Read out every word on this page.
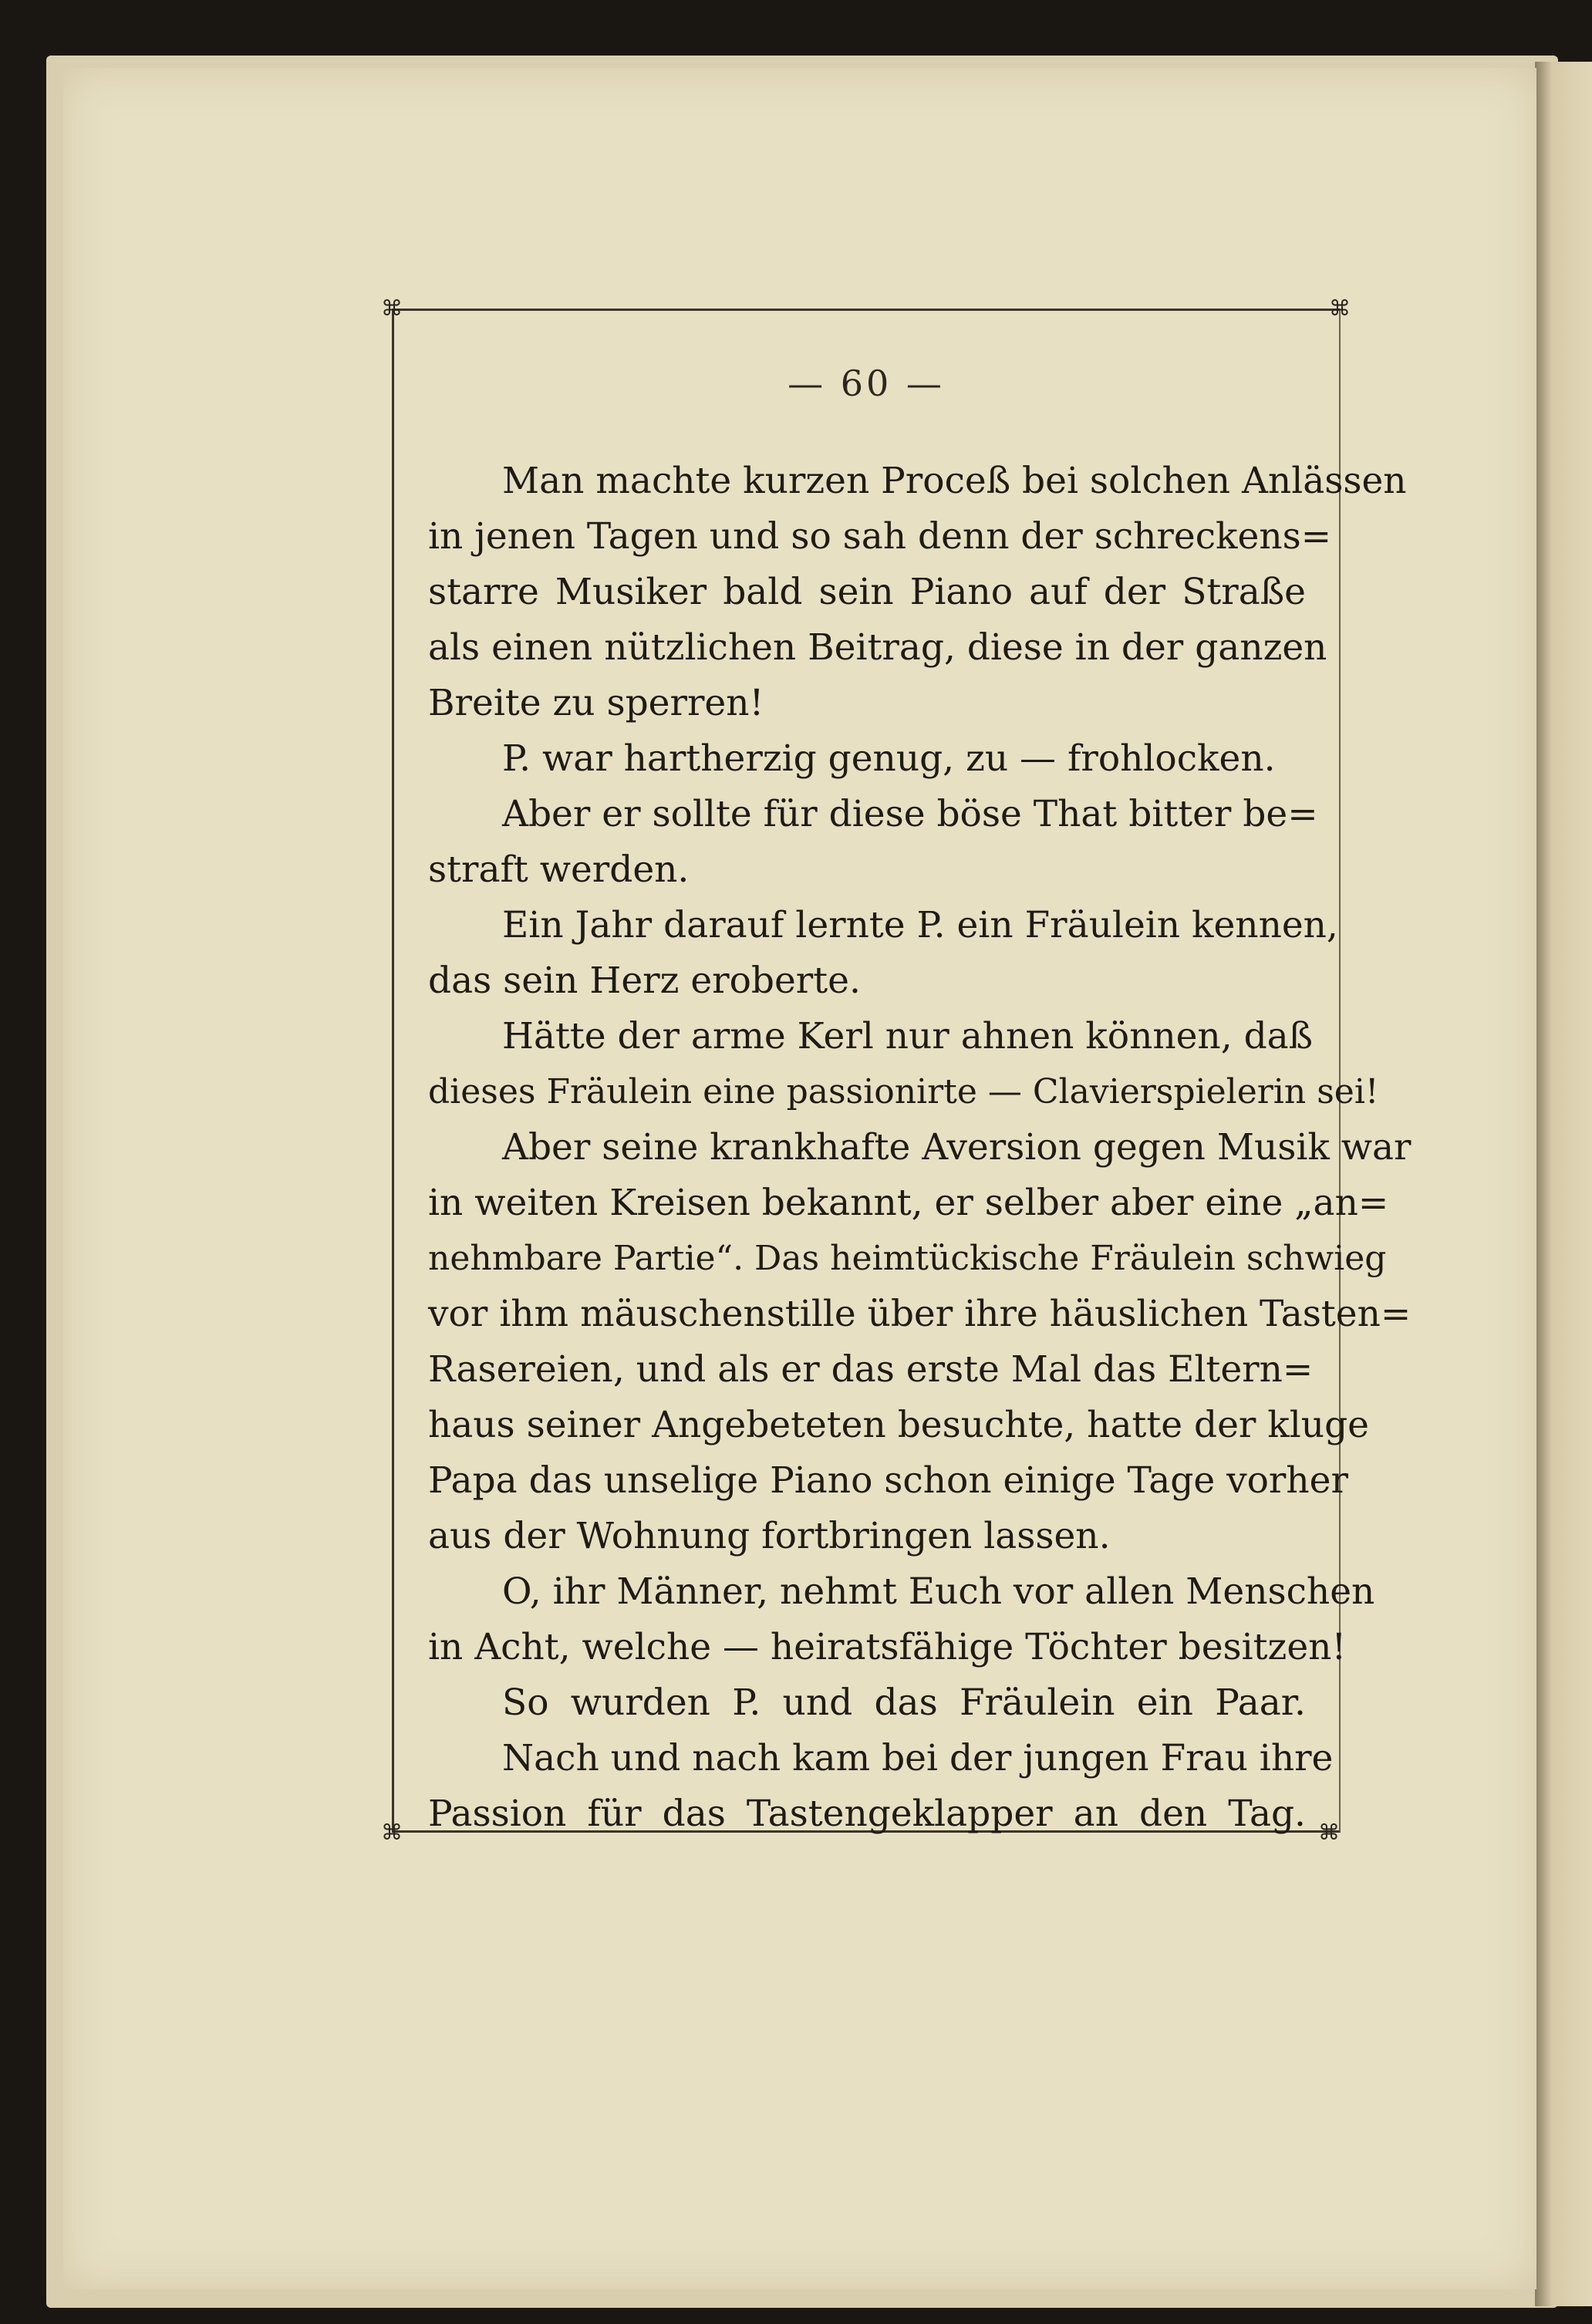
⌘	⌘
⌘	⌘
— 60 —
Man machte kurzen Proceß bei solchen Anlässen
in jenen Tagen und so sah denn der schreckens=
starre Musiker bald sein Piano auf der Straße
als einen nützlichen Beitrag, diese in der ganzen
Breite zu sperren!
P. war hartherzig genug, zu — frohlocken.
Aber er sollte für diese böse That bitter be=
straft werden.
Ein Jahr darauf lernte P. ein Fräulein kennen,
das sein Herz eroberte.
Hätte der arme Kerl nur ahnen können, daß
dieses Fräulein eine passionirte — Clavierspielerin sei!
Aber seine krankhafte Aversion gegen Musik war
in weiten Kreisen bekannt, er selber aber eine „an=
nehmbare Partie“. Das heimtückische Fräulein schwieg
vor ihm mäuschenstille über ihre häuslichen Tasten=
Rasereien, und als er das erste Mal das Eltern=
haus seiner Angebeteten besuchte, hatte der kluge
Papa das unselige Piano schon einige Tage vorher
aus der Wohnung fortbringen lassen.
O, ihr Männer, nehmt Euch vor allen Menschen
in Acht, welche — heiratsfähige Töchter besitzen!
So wurden P. und das Fräulein ein Paar.
Nach und nach kam bei der jungen Frau ihre
Passion für das Tastengeklapper an den Tag.
